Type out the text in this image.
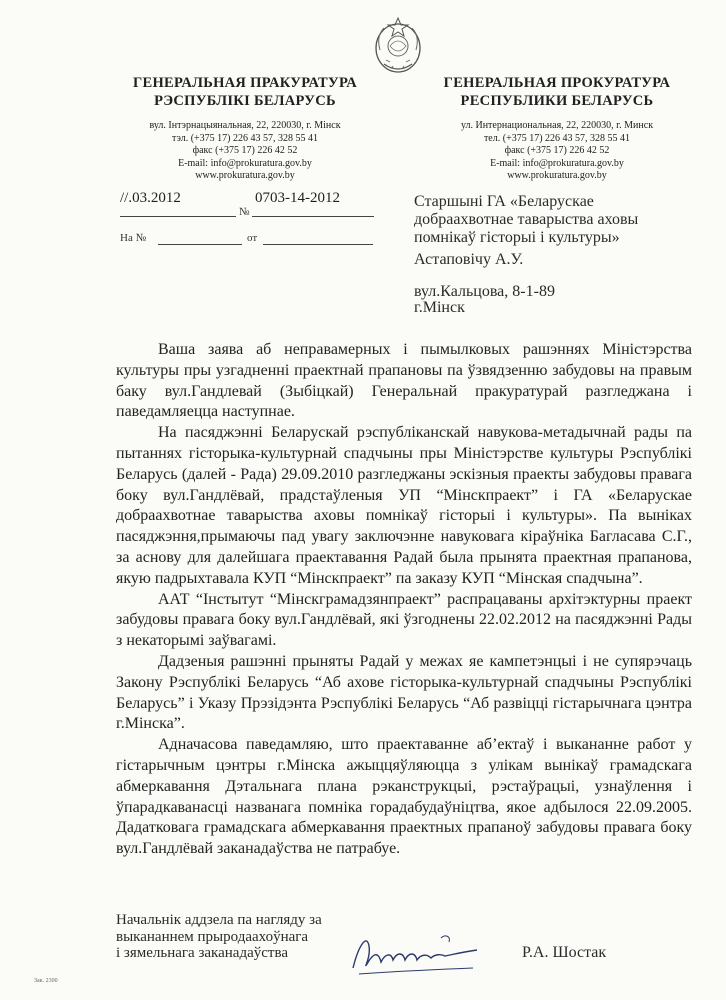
ГЕНЕРАЛЬНАЯ ПРАКУРАТУРА
РЭСПУБЛІКІ БЕЛАРУСЬ
вул. Інтэрнацыянальная, 22, 220030, г. Мінск
тэл. (+375 17) 226 43 57, 328 55 41
факс (+375 17) 226 42 52
E-mail: info@prokuratura.gov.by
www.prokuratura.gov.by
ГЕНЕРАЛЬНАЯ ПРОКУРАТУРА
РЕСПУБЛИКИ БЕЛАРУСЬ
ул. Интернациональная, 22, 220030, г. Минск
тел. (+375 17) 226 43 57, 328 55 41
факс (+375 17) 226 42 52
E-mail: info@prokuratura.gov.by
www.prokuratura.gov.by
//.03.2012	0703-14-2012
№
На №	от
Старшыні ГА «Беларускае
добраахвотнае таварыства аховы
помнікаў гісторыі і культуры»
Астаповічу А.У.
вул.Кальцова, 8-1-89
г.Мінск

Ваша заява аб неправамерных і пымылковых рашэннях Міністэрства культуры пры узгадненні праектнай прапановы па ўзвядзенню забудовы на правым баку вул.Гандлевай (Зыбіцкай) Генеральнай пракуратурай разгледжана і паведамляецца наступнае.

На пасяджэнні Беларускай рэспубліканскай навукова-метадычнай рады па пытаннях гісторыка-культурнай спадчыны пры Міністэрстве культуры Рэспублікі Беларусь (далей - Рада) 29.09.2010 разгледжаны эскізныя праекты забудовы правага боку вул.Гандлёвай, прадстаўленыя УП “Мінскпраект” і ГА «Беларускае добраахвотнае таварыства аховы помнікаў гісторыі і культуры». Па выніках пасяджэння,прымаючы пад увагу заключэнне навуковага кіраўніка Багласава С.Г., за аснову для далейшага праектавання Радай была прынята праектная прапанова, якую падрыхтавала КУП “Мінскпраект” па заказу КУП “Мінская спадчына”.

ААТ “Інстытут “Мінскграмадзянпраект” распрацаваны архітэктурны праект забудовы правага боку вул.Гандлёвай, які ўзгоднены 22.02.2012 на пасяджэнні Рады з некаторымі заўвагамі.

Дадзеныя рашэнні прыняты Радай у межах яе кампетэнцыі і не супярэчаць Закону Рэспублікі Беларусь “Аб ахове гісторыка-культурнай спадчыны Рэспублікі Беларусь” і Указу Прэзідэнта Рэспублікі Беларусь “Аб развіцці гістарычнага цэнтра г.Мінска”.

Адначасова паведамляю, што праектаванне аб’ектаў і выкананне работ у гістарычным цэнтры г.Мінска ажыццяўляюцца з улікам вынікаў грамадскага абмеркавання Дэтальнага плана рэканструкцыі, рэстаўрацыі, узнаўлення і ўпарадкаванасці названага помніка горадабудаўніцтва, якое адбылося 22.09.2005. Дадатковага грамадскага абмеркавання праектных прапаноў забудовы правага боку вул.Гандлёвай заканадаўства не патрабуе.

Начальнік аддзела па нагляду за
выкананнем прыродаахоўнага
і зямельнага заканадаўства	Р.А. Шостак
Зак. 2300
